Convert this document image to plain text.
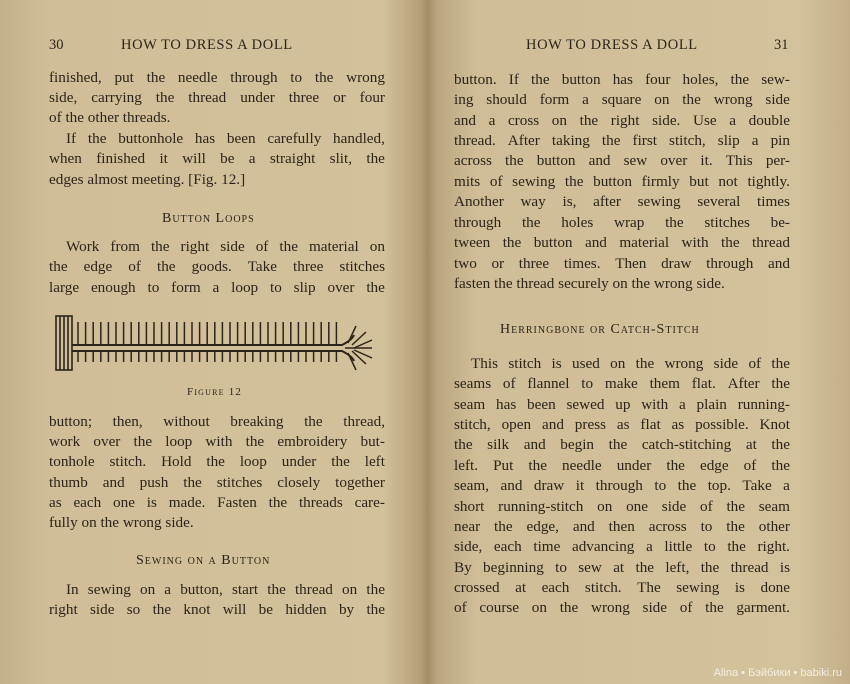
30	HOW TO DRESS A DOLL
finished, put the needle through to the wrong
side, carrying the thread under three or four
of the other threads.
If the buttonhole has been carefully handled,
when finished it will be a straight slit, the
edges almost meeting. [Fig. 12.]
Button Loops
Work from the right side of the material on
the edge of the goods. Take three stitches
large enough to form a loop to slip over the
Figure 12
button; then, without breaking the thread,
work over the loop with the embroidery but-
tonhole stitch. Hold the loop under the left
thumb and push the stitches closely together
as each one is made. Fasten the threads care-
fully on the wrong side.
Sewing on a Button
In sewing on a button, start the thread on the
right side so the knot will be hidden by the
HOW TO DRESS A DOLL	31
button. If the button has four holes, the sew-
ing should form a square on the wrong side
and a cross on the right side. Use a double
thread. After taking the first stitch, slip a pin
across the button and sew over it. This per-
mits of sewing the button firmly but not tightly.
Another way is, after sewing several times
through the holes wrap the stitches be-
tween the button and material with the thread
two or three times. Then draw through and
fasten the thread securely on the wrong side.
Herringbone or Catch-Stitch
This stitch is used on the wrong side of the
seams of flannel to make them flat. After the
seam has been sewed up with a plain running-
stitch, open and press as flat as possible. Knot
the silk and begin the catch-stitching at the
left. Put the needle under the edge of the
seam, and draw it through to the top. Take a
short running-stitch on one side of the seam
near the edge, and then across to the other
side, each time advancing a little to the right.
By beginning to sew at the left, the thread is
crossed at each stitch. The sewing is done
of course on the wrong side of the garment.
Alina • Бэйбики • babiki.ru
